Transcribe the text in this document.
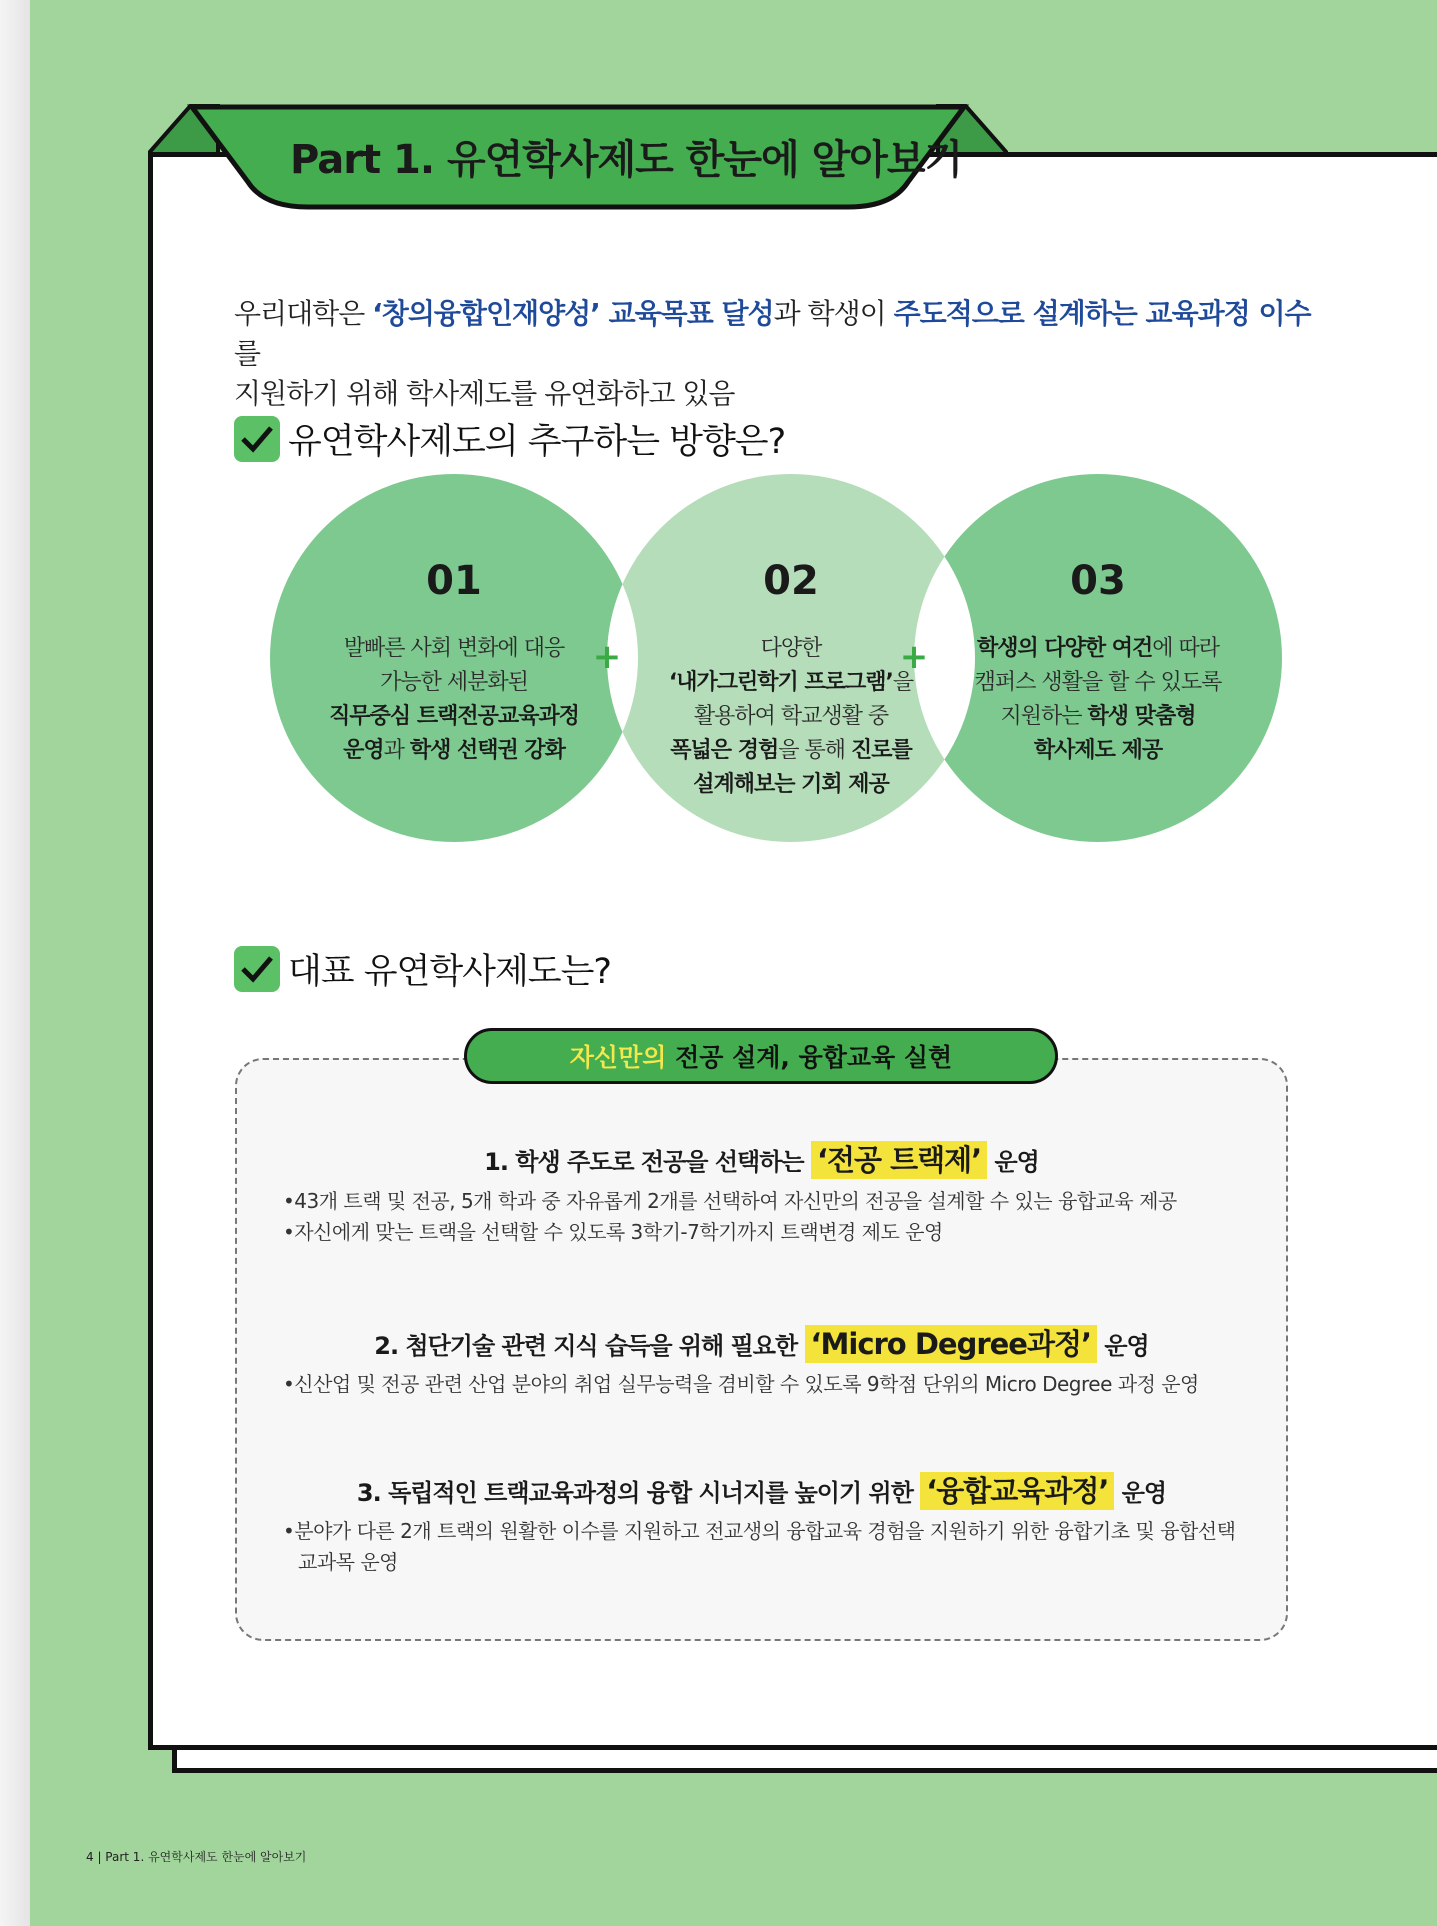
Part 1. 유연학사제도 한눈에 알아보기
우리대학은 ‘창의융합인재양성’ 교육목표 달성과 학생이 주도적으로 설계하는 교육과정 이수를
지원하기 위해 학사제도를 유연화하고 있음
유연학사제도의 추구하는 방향은?
01
발빠른 사회 변화에 대응
가능한 세분화된
직무중심 트랙전공교육과정
운영과 학생 선택권 강화
02
다양한
‘내가그린학기 프로그램’을
활용하여 학교생활 중
폭넓은 경험을 통해 진로를
설계해보는 기회 제공
03
학생의 다양한 여건에 따라
캠퍼스 생활을 할 수 있도록
지원하는 학생 맞춤형
학사제도 제공
+	+
대표 유연학사제도는?
자신만의 전공 설계, 융합교육 실현
1. 학생 주도로 전공을 선택하는 ‘전공 트랙제’ 운영
•43개 트랙 및 전공, 5개 학과 중 자유롭게 2개를 선택하여 자신만의 전공을 설계할 수 있는 융합교육 제공
•자신에게 맞는 트랙을 선택할 수 있도록 3학기-7학기까지 트랙변경 제도 운영
2. 첨단기술 관련 지식 습득을 위해 필요한 ‘Micro Degree과정’ 운영
•신산업 및 전공 관련 산업 분야의 취업 실무능력을 겸비할 수 있도록 9학점 단위의 Micro Degree 과정 운영
3. 독립적인 트랙교육과정의 융합 시너지를 높이기 위한 ‘융합교육과정’ 운영
•분야가 다른 2개 트랙의 원활한 이수를 지원하고 전교생의 융합교육 경험을 지원하기 위한 융합기초 및 융합선택
교과목 운영
4 | Part 1. 유연학사제도 한눈에 알아보기
